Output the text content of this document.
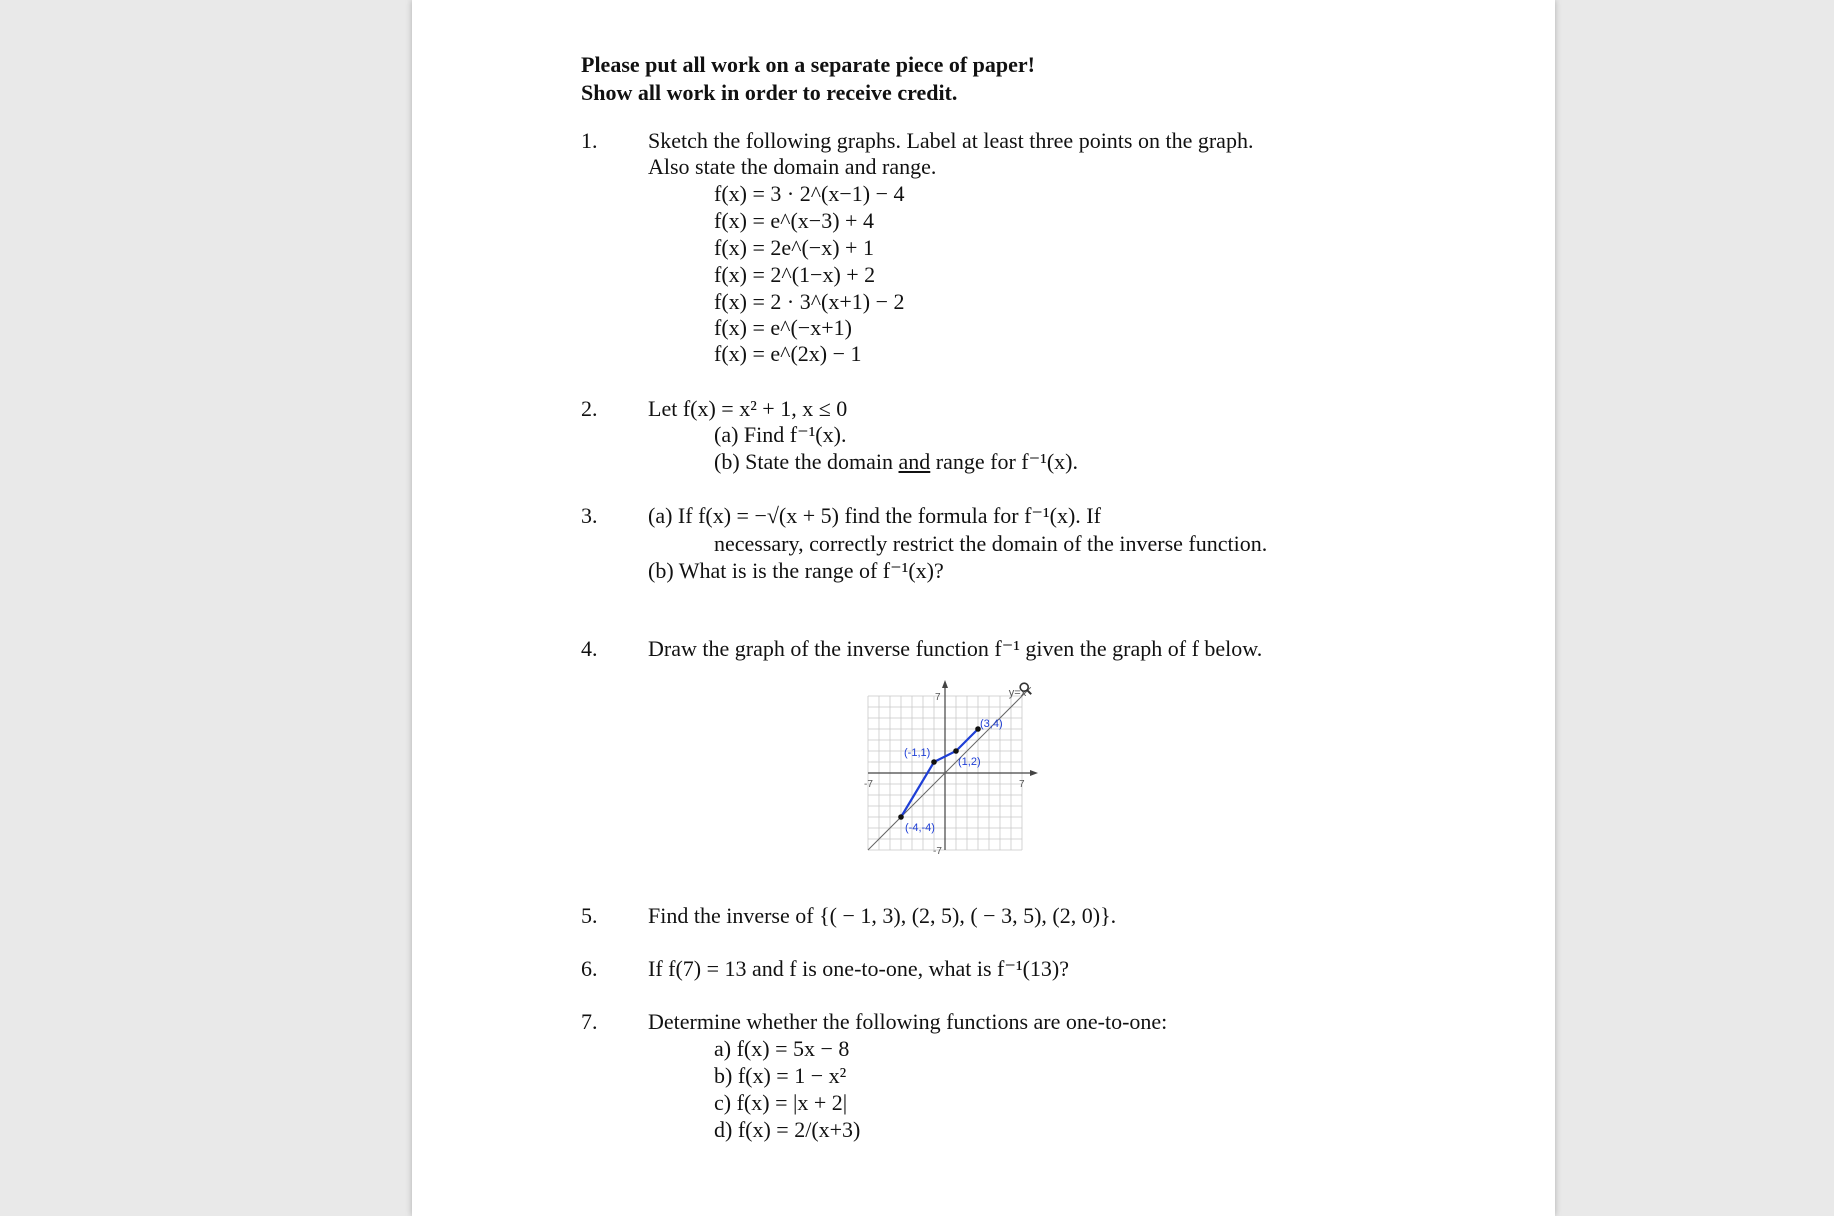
Please put all work on a separate piece of paper!
Show all work in order to receive credit.
1. Sketch the following graphs. Label at least three points on the graph.
Also state the domain and range.
f(x) = 3 · 2^(x−1) − 4
f(x) = e^(x−3) + 4
f(x) = 2e^(−x) + 1
f(x) = 2^(1−x) + 2
f(x) = 2 · 3^(x+1) − 2
f(x) = e^(−x+1)
f(x) = e^(2x) − 1
2. Let f(x) = x² + 1, x ≤ 0
(a) Find f⁻¹(x).
(b) State the domain and range for f⁻¹(x).
3. (a) If f(x) = −√(x + 5) find the formula for f⁻¹(x). If
necessary, correctly restrict the domain of the inverse function.
(b) What is is the range of f⁻¹(x)?
4. Draw the graph of the inverse function f⁻¹ given the graph of f below.
7
-7
-7	7
y=x
(-4,-4)
(-1,1)
(1,2)
(3,4)
5. Find the inverse of {( − 1, 3), (2, 5), ( − 3, 5), (2, 0)}.
6. If f(7) = 13 and f is one-to-one, what is f⁻¹(13)?
7. Determine whether the following functions are one-to-one:
a) f(x) = 5x − 8
b) f(x) = 1 − x²
c) f(x) = |x + 2|
d) f(x) = 2/(x+3)
